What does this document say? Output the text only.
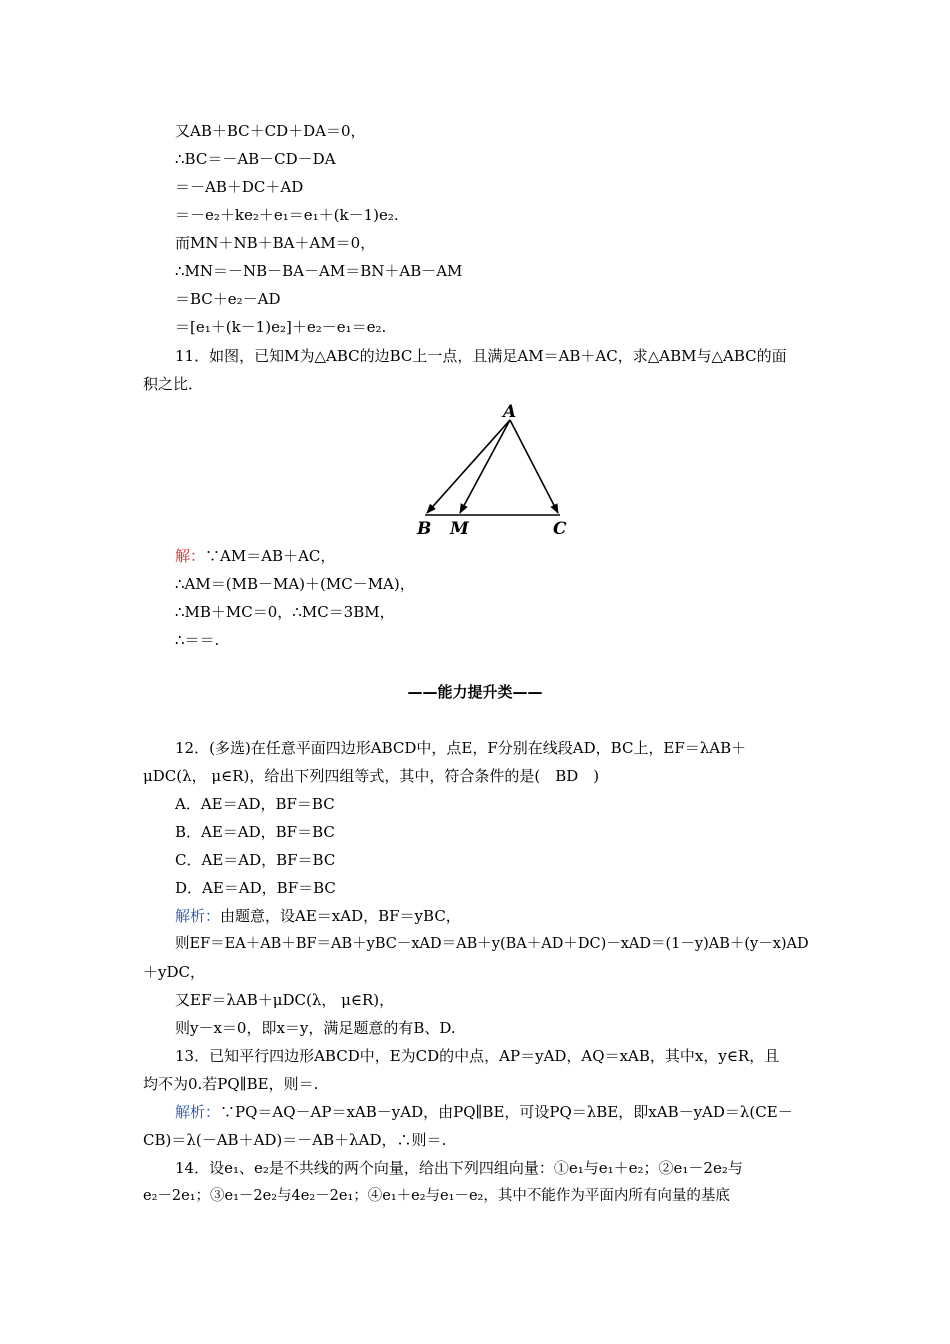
又AB＋BC＋CD＋DA＝0，
∴BC＝－AB－CD－DA
＝－AB＋DC＋AD
＝－e₂＋ke₂＋e₁＝e₁＋(k－1)e₂.
而MN＋NB＋BA＋AM＝0，
∴MN＝－NB－BA－AM＝BN＋AB－AM
＝BC＋e₂－AD
＝[e₁＋(k－1)e₂]＋e₂－e₁＝e₂.
11．如图，已知M为△ABC的边BC上一点，且满足AM＝AB＋AC，求△ABM与△ABC的面
积之比．
A
B M	C
解：∵AM＝AB＋AC，
∴AM＝(MB－MA)＋(MC－MA)，
∴MB＋MC＝0，∴MC＝3BM，
∴＝＝.
——能力提升类——
12．(多选)在任意平面四边形ABCD中，点E，F分别在线段AD，BC上，EF＝λAB＋
μDC(λ， μ∈R)，给出下列四组等式，其中，符合条件的是(　BD　)
A．AE＝AD，BF＝BC
B．AE＝AD，BF＝BC
C．AE＝AD，BF＝BC
D．AE＝AD，BF＝BC
解析：由题意，设AE＝xAD，BF＝yBC，
则EF＝EA＋AB＋BF＝AB＋yBC－xAD＝AB＋y(BA＋AD＋DC)－xAD＝(1－y)AB＋(y－x)AD
＋yDC，
又EF＝λAB＋μDC(λ， μ∈R)，
则y－x＝0，即x＝y，满足题意的有B、D.
13．已知平行四边形ABCD中，E为CD的中点，AP＝yAD，AQ＝xAB，其中x，y∈R，且
均不为0.若PQ∥BE，则＝.
解析：∵PQ＝AQ－AP＝xAB－yAD，由PQ∥BE，可设PQ＝λBE，即xAB－yAD＝λ(CE－
CB)＝λ(－AB＋AD)＝－AB＋λAD，∴则＝.
14．设e₁、e₂是不共线的两个向量，给出下列四组向量：①e₁与e₁＋e₂；②e₁－2e₂与
e₂－2e₁；③e₁－2e₂与4e₂－2e₁；④e₁＋e₂与e₁－e₂，其中不能作为平面内所有向量的基底
